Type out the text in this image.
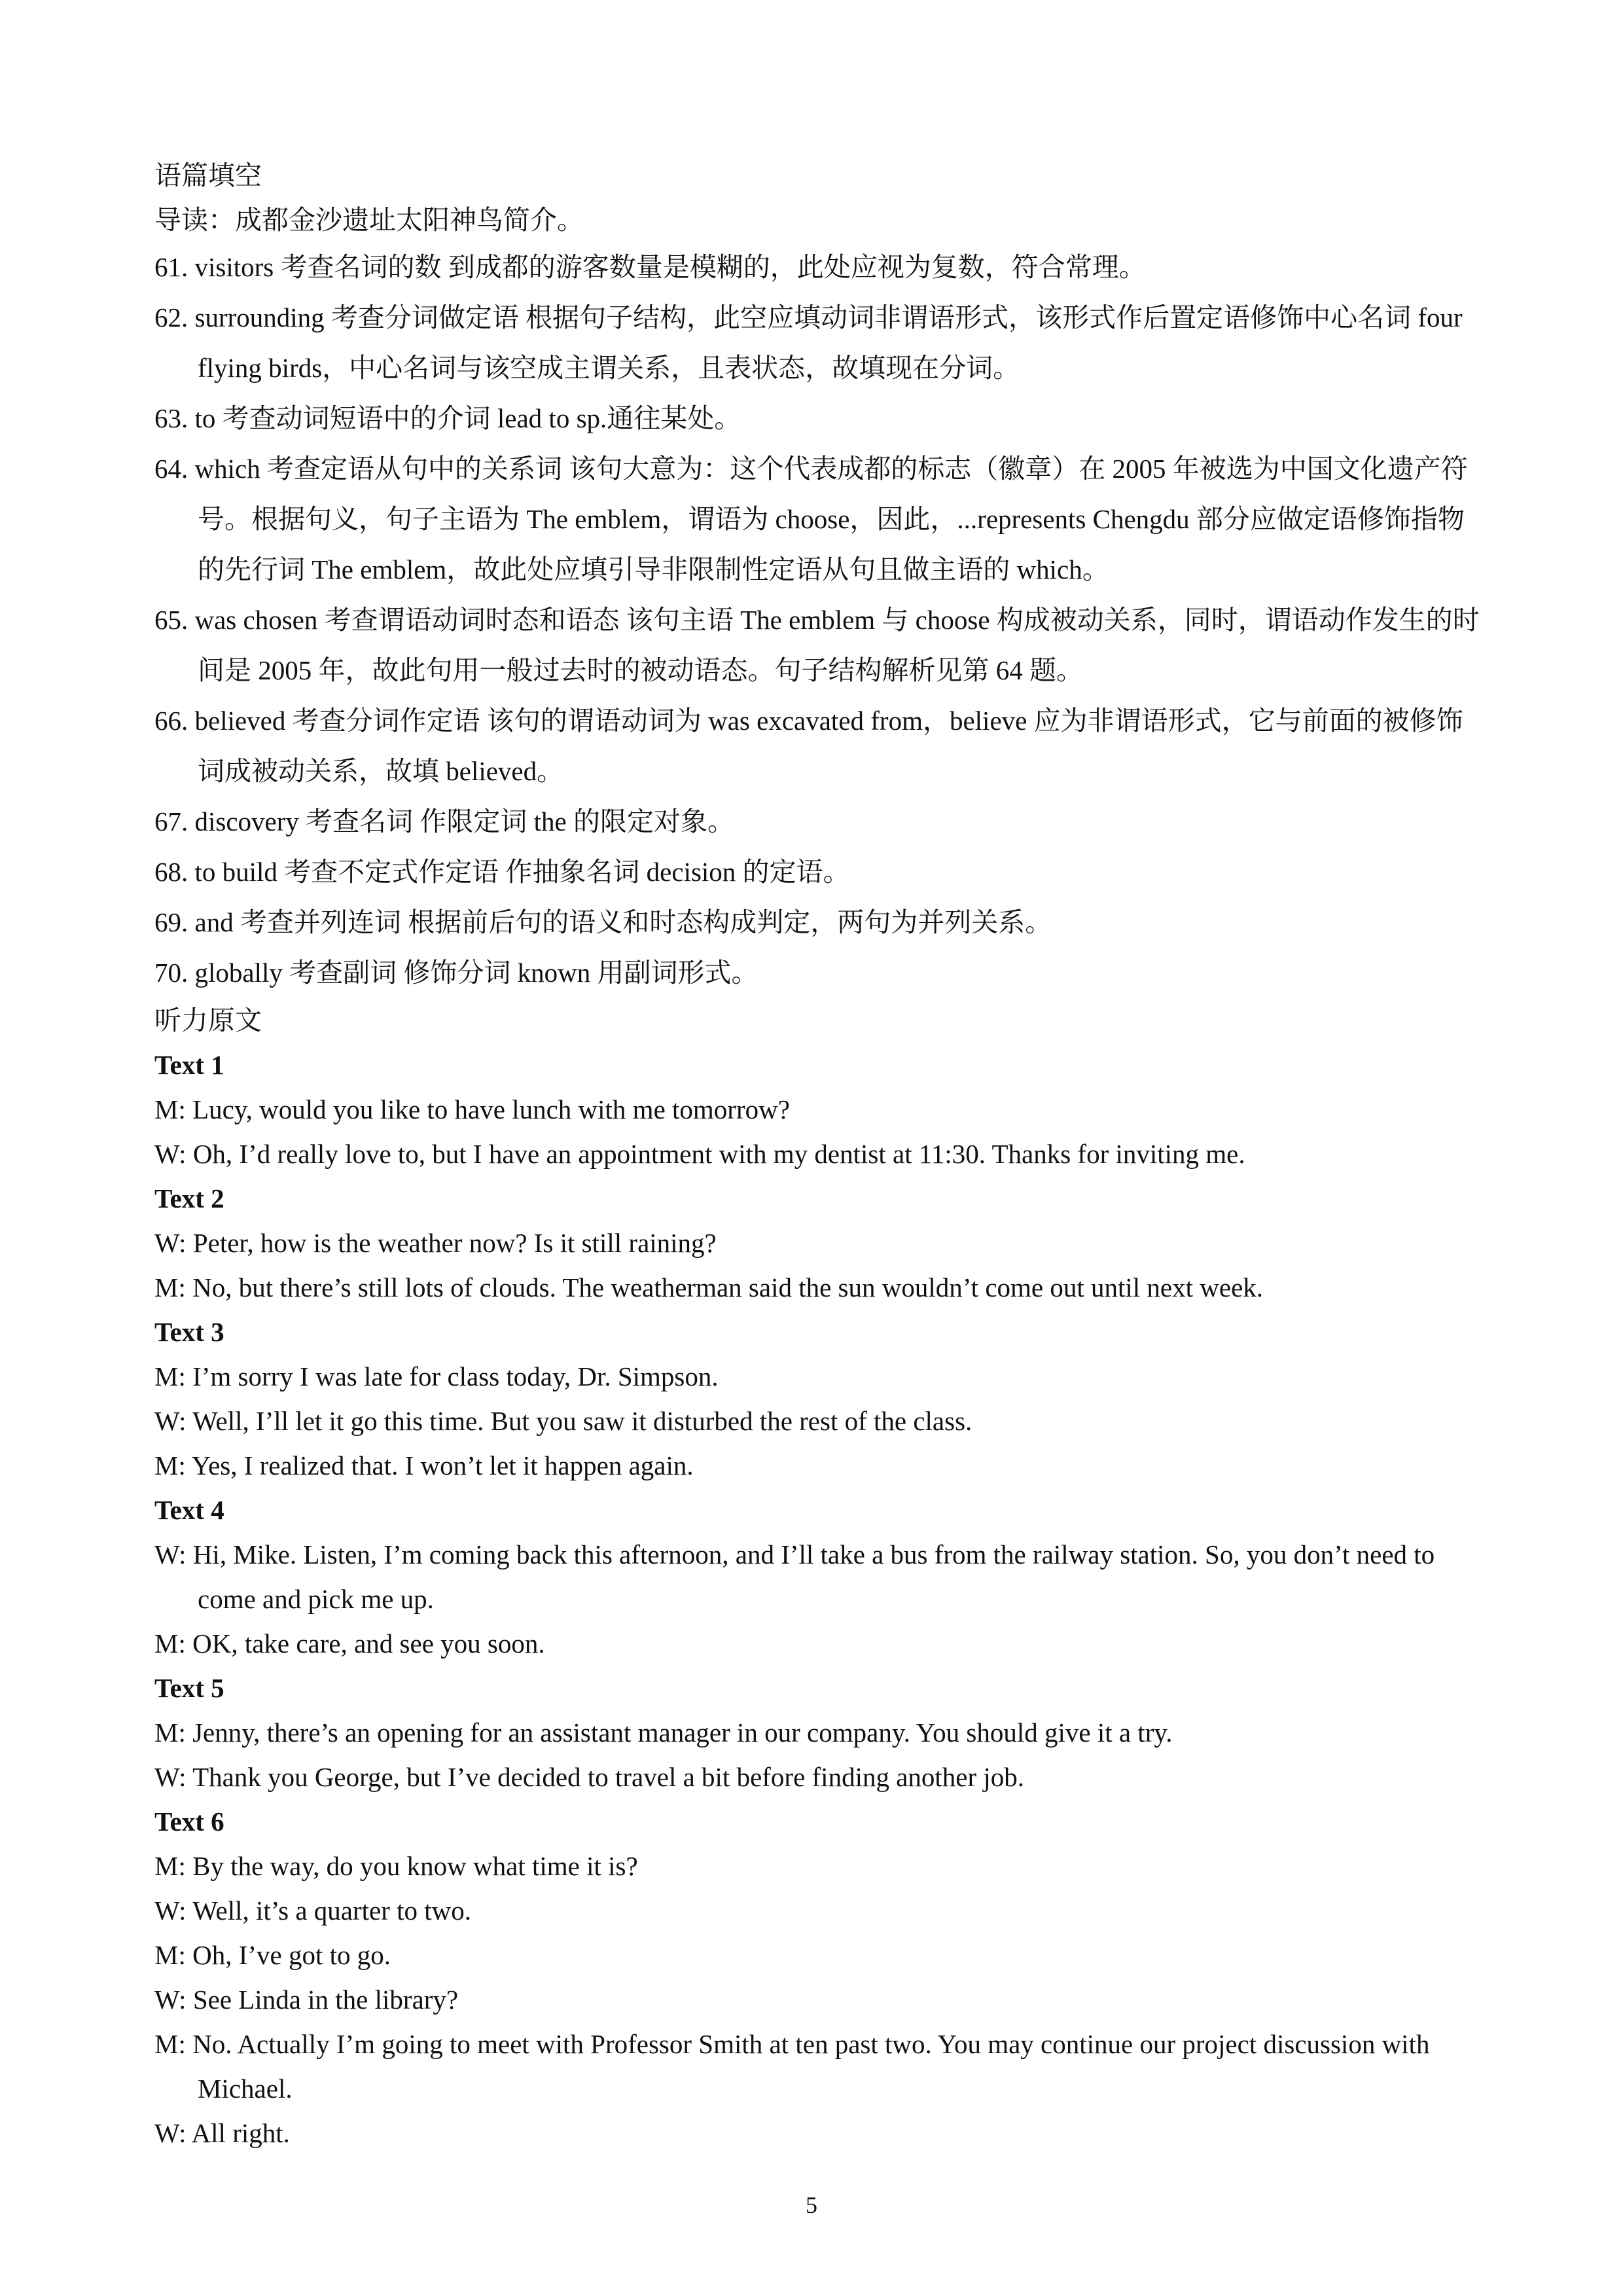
语篇填空
导读：成都金沙遗址太阳神鸟简介。
61. visitors 考查名词的数 到成都的游客数量是模糊的，此处应视为复数，符合常理。
62. surrounding 考查分词做定语 根据句子结构，此空应填动词非谓语形式，该形式作后置定语修饰中心名词 four flying birds，中心名词与该空成主谓关系，且表状态，故填现在分词。
63. to 考查动词短语中的介词 lead to sp.通往某处。
64. which 考查定语从句中的关系词 该句大意为：这个代表成都的标志（徽章）在 2005 年被选为中国文化遗产符号。根据句义，句子主语为 The emblem，谓语为 choose，因此，...represents Chengdu 部分应做定语修饰指物的先行词 The emblem，故此处应填引导非限制性定语从句且做主语的 which。
65. was chosen 考查谓语动词时态和语态 该句主语 The emblem 与 choose 构成被动关系，同时，谓语动作发生的时间是 2005 年，故此句用一般过去时的被动语态。句子结构解析见第 64 题。
66. believed 考查分词作定语 该句的谓语动词为 was excavated from，believe 应为非谓语形式，它与前面的被修饰词成被动关系，故填 believed。
67. discovery 考查名词 作限定词 the 的限定对象。
68. to build 考查不定式作定语 作抽象名词 decision 的定语。
69. and 考查并列连词 根据前后句的语义和时态构成判定，两句为并列关系。
70. globally 考查副词 修饰分词 known 用副词形式。
听力原文
Text 1
M: Lucy, would you like to have lunch with me tomorrow?
W: Oh, I’d really love to, but I have an appointment with my dentist at 11:30. Thanks for inviting me.
Text 2
W: Peter, how is the weather now? Is it still raining?
M: No, but there’s still lots of clouds. The weatherman said the sun wouldn’t come out until next week.
Text 3
M: I’m sorry I was late for class today, Dr. Simpson.
W: Well, I’ll let it go this time. But you saw it disturbed the rest of the class.
M: Yes, I realized that. I won’t let it happen again.
Text 4
W: Hi, Mike. Listen, I’m coming back this afternoon, and I’ll take a bus from the railway station. So, you don’t need to come and pick me up.
M: OK, take care, and see you soon.
Text 5
M: Jenny, there’s an opening for an assistant manager in our company. You should give it a try.
W: Thank you George, but I’ve decided to travel a bit before finding another job.
Text 6
M: By the way, do you know what time it is?
W: Well, it’s a quarter to two.
M: Oh, I’ve got to go.
W: See Linda in the library?
M: No. Actually I’m going to meet with Professor Smith at ten past two. You may continue our project discussion with Michael.
W: All right.
5
